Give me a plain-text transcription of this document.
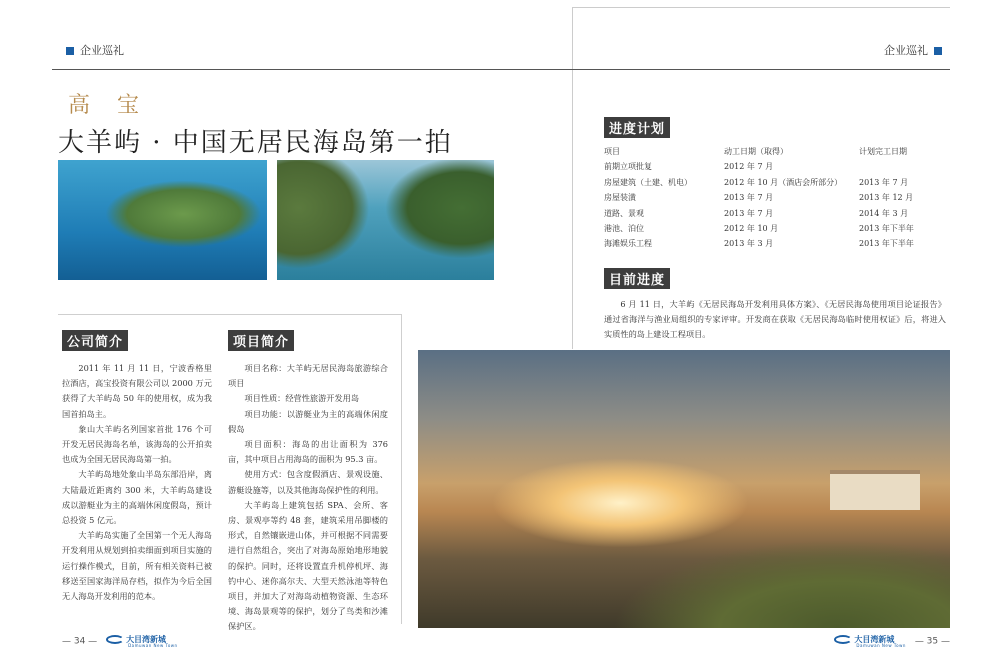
企业巡礼	企业巡礼
高 宝
大羊屿 · 中国无居民海岛第一拍
公司简介	项目简介

2011 年 11 月 11 日，宁波香格里拉酒店，高宝投资有限公司以 2000 万元获得了大羊屿岛 50 年的使用权，成为我国首拍岛主。

象山大羊屿名列国家首批 176 个可开发无居民海岛名单，该海岛的公开拍卖也成为全国无居民海岛第一拍。

大羊屿岛地处象山半岛东部沿岸，离大陆最近距离约 300 米，大羊屿岛建设成以游艇业为主的高端休闲度假岛，预计总投资 5 亿元。

大羊屿岛实施了全国第一个无人海岛开发利用从规划到拍卖细面到项目实施的运行操作模式，目前，所有相关资料已被移送至国家海洋局存档，拟作为今后全国无人海岛开发利用的范本。

项目名称：大羊屿无居民海岛旅游综合项目

项目性质：经营性旅游开发用岛

项目功能：以游艇业为主的高端休闲度假岛

项目面积：海岛的出让面积为 376 亩，其中项目占用海岛的面积为 95.3 亩。

使用方式：包含度假酒店、景观设施、游艇设施等，以及其他海岛保护性的利用。

大羊屿岛上建筑包括 SPA、会所、客房、景观亭等约 48 套，建筑采用吊脚楼的形式，自然镶嵌进山体，并可根据不同需要进行自然组合，突出了对海岛原始地形地貌的保护。同时，还将设置直升机停机坪、海钓中心、迷你高尔夫、大型天然泳池等特色项目，并加大了对海岛动植物资源、生态环境、海岛景观等的保护，划分了鸟类和沙滩保护区。

进度计划
项目	动工日期（取得）	计划完工日期
前期立项批复	2012 年 7 月
房屋建筑（土建、机电）	2012 年 10 月（酒店会所部分）	2013 年 7 月
房屋装潢	2013 年 7 月	2013 年 12 月
道路、景观	2013 年 7 月	2014 年 3 月
港池、泊位	2012 年 10 月	2013 年下半年
海滩娱乐工程	2013 年 3 月	2013 年下半年
目前进度

6 月 11 日，大羊屿《无居民海岛开发利用具体方案》、《无居民海岛使用项目论证报告》通过省海洋与渔业局组织的专家评审。开发商在获取《无居民海岛临时使用权证》后，将进入实质性的岛上建设工程项目。

— 34 —	大目湾新城
Damuwan New Town
大目湾新城
Damuwan New Town — 35 —
